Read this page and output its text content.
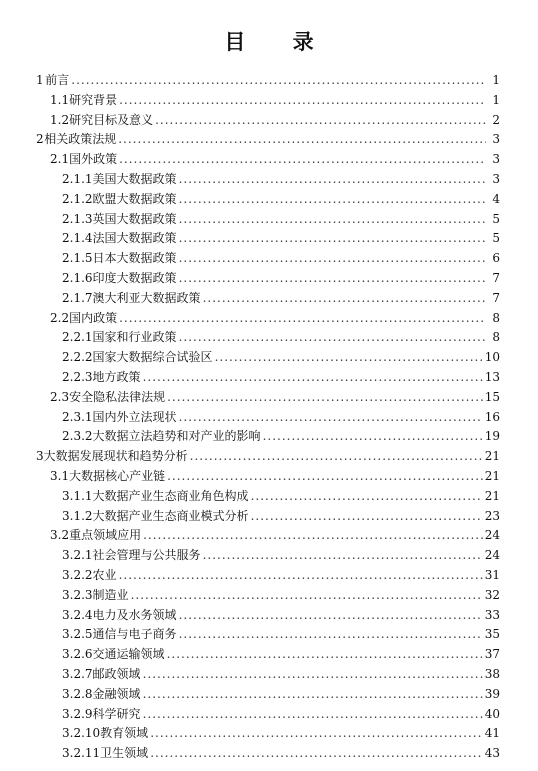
目 录
1 前言 .....	1
1.1 研究背景 .....	1
1.2 研究目标及意义 .....	2
2 相关政策法规 .....	3
2.1 国外政策 .....	3
2.1.1 美国大数据政策 .....	3
2.1.2 欧盟大数据政策 .....	4
2.1.3 英国大数据政策 .....	5
2.1.4 法国大数据政策 .....	5
2.1.5 日本大数据政策 .....	6
2.1.6 印度大数据政策 .....	7
2.1.7 澳大利亚大数据政策 .....	7
2.2 国内政策 .....	8
2.2.1 国家和行业政策 .....	8
2.2.2 国家大数据综合试验区 .....	10
2.2.3 地方政策 .....	13
2.3 安全隐私法律法规 .....	15
2.3.1 国内外立法现状 .....	16
2.3.2 大数据立法趋势和对产业的影响 .....	19
3 大数据发展现状和趋势分析 .....	21
3.1 大数据核心产业链 .....	21
3.1.1 大数据产业生态商业角色构成 .....	21
3.1.2 大数据产业生态商业模式分析 .....	23
3.2 重点领域应用 .....	24
3.2.1 社会管理与公共服务 .....	24
3.2.2 农业 .....	31
3.2.3 制造业 .....	32
3.2.4 电力及水务领域 .....	33
3.2.5 通信与电子商务 .....	35
3.2.6 交通运输领域 .....	37
3.2.7 邮政领域 .....	38
3.2.8 金融领域 .....	39
3.2.9 科学研究 .....	40
3.2.10 教育领域 .....	41
3.2.11 卫生领域 .....	43
